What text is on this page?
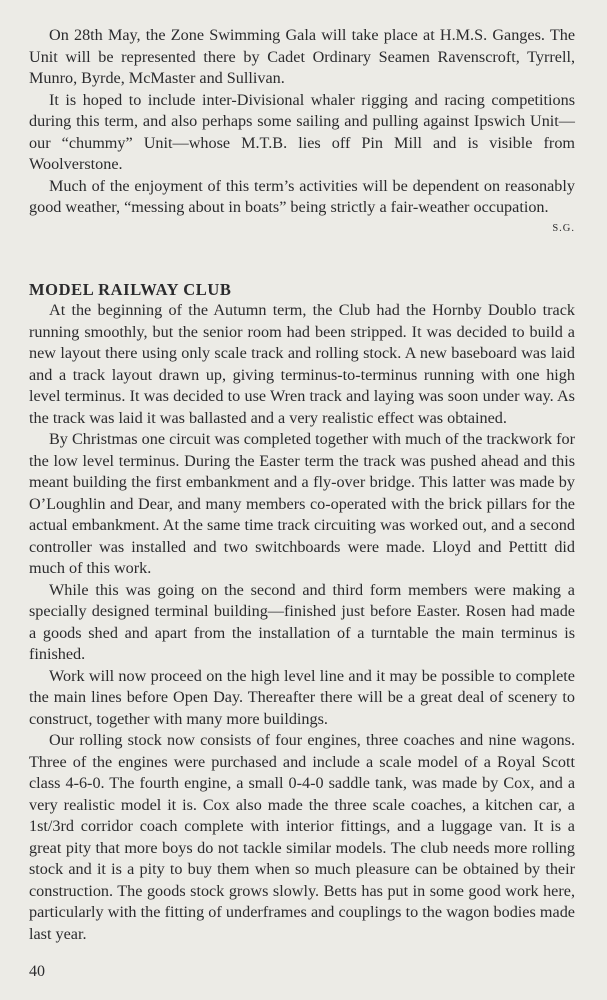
On 28th May, the Zone Swimming Gala will take place at H.M.S. Ganges. The Unit will be represented there by Cadet Ordinary Seamen Ravenscroft, Tyrrell, Munro, Byrde, McMaster and Sullivan.

It is hoped to include inter-Divisional whaler rigging and racing competitions during this term, and also perhaps some sailing and pulling against Ipswich Unit—our “chummy” Unit—whose M.T.B. lies off Pin Mill and is visible from Woolverstone.

Much of the enjoyment of this term’s activities will be dependent on reasonably good weather, “messing about in boats” being strictly a fair-weather occupation.

S.G.
MODEL RAILWAY CLUB

At the beginning of the Autumn term, the Club had the Hornby Doublo track running smoothly, but the senior room had been stripped. It was decided to build a new layout there using only scale track and rolling stock. A new baseboard was laid and a track layout drawn up, giving terminus-to-terminus running with one high level terminus. It was decided to use Wren track and laying was soon under way. As the track was laid it was ballasted and a very realistic effect was obtained.

By Christmas one circuit was completed together with much of the trackwork for the low level terminus. During the Easter term the track was pushed ahead and this meant building the first embankment and a fly-over bridge. This latter was made by O’Loughlin and Dear, and many members co-operated with the brick pillars for the actual embankment. At the same time track circuiting was worked out, and a second controller was installed and two switchboards were made. Lloyd and Pettitt did much of this work.

While this was going on the second and third form members were making a specially designed terminal building—finished just before Easter. Rosen had made a goods shed and apart from the installation of a turntable the main terminus is finished.

Work will now proceed on the high level line and it may be possible to complete the main lines before Open Day. Thereafter there will be a great deal of scenery to construct, together with many more buildings.

Our rolling stock now consists of four engines, three coaches and nine wagons. Three of the engines were purchased and include a scale model of a Royal Scott class 4-6-0. The fourth engine, a small 0-4-0 saddle tank, was made by Cox, and a very realistic model it is. Cox also made the three scale coaches, a kitchen car, a 1st/3rd corridor coach complete with interior fittings, and a luggage van. It is a great pity that more boys do not tackle similar models. The club needs more rolling stock and it is a pity to buy them when so much pleasure can be obtained by their construction. The goods stock grows slowly. Betts has put in some good work here, particularly with the fitting of underframes and couplings to the wagon bodies made last year.

40
